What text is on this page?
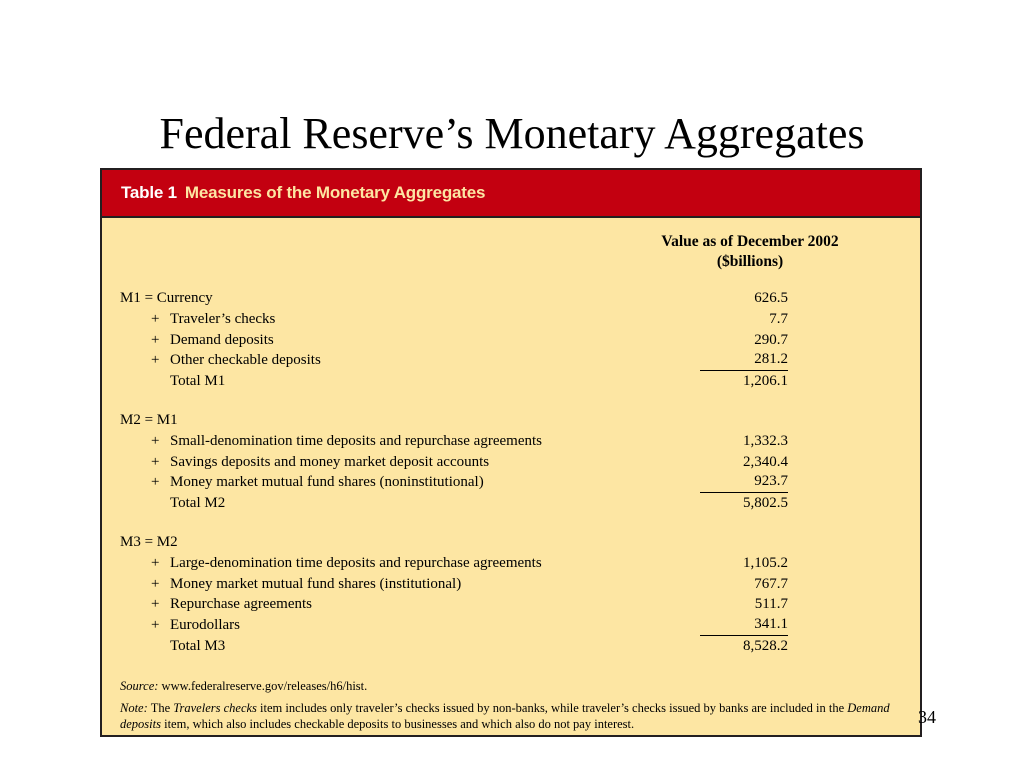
Federal Reserve’s Monetary Aggregates
Table 1 Measures of the Monetary Aggregates
Value as of December 2002
($billions)
M1 = Currency	626.5
+ Traveler’s checks	7.7
+ Demand deposits	290.7
+ Other checkable deposits	281.2
Total M1	1,206.1
M2 = M1
+ Small-denomination time deposits and repurchase agreements	1,332.3
+ Savings deposits and money market deposit accounts	2,340.4
+ Money market mutual fund shares (noninstitutional)	923.7
Total M2	5,802.5
M3 = M2
+ Large-denomination time deposits and repurchase agreements	1,105.2
+ Money market mutual fund shares (institutional)	767.7
+ Repurchase agreements	511.7
+ Eurodollars	341.1
Total M3	8,528.2
Source: www.federalreserve.gov/releases/h6/hist.
Note: The Travelers checks item includes only traveler’s checks issued by non-banks, while traveler’s checks issued by banks are included in the Demand deposits item, which also includes checkable deposits to businesses and which also do not pay interest.	34
